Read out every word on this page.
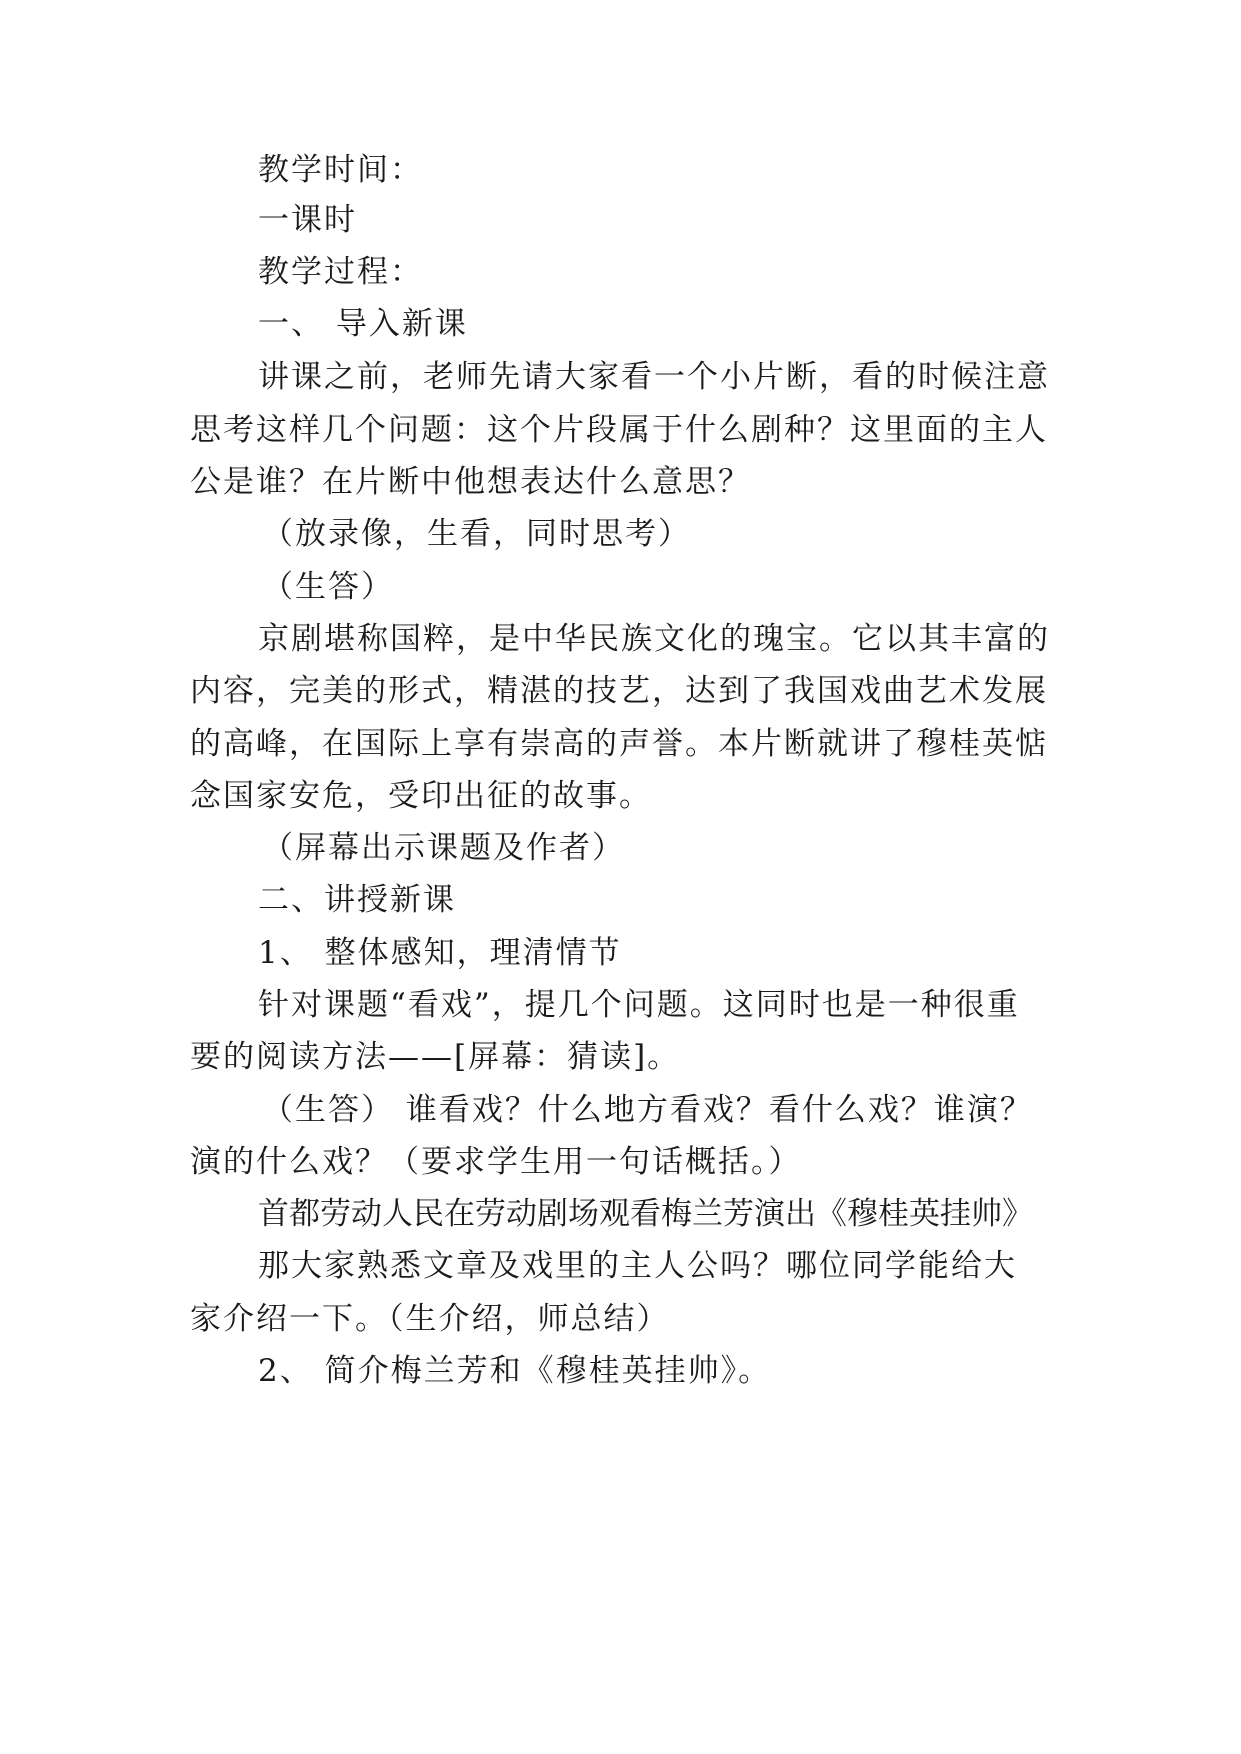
教学时间：
一课时
教学过程：
一、 导入新课
讲课之前，老师先请大家看一个小片断，看的时候注意
思考这样几个问题：这个片段属于什么剧种？这里面的主人
公是谁？在片断中他想表达什么意思？
（放录像，生看，同时思考）
（生答）
京剧堪称国粹，是中华民族文化的瑰宝。它以其丰富的
内容，完美的形式，精湛的技艺，达到了我国戏曲艺术发展
的高峰，在国际上享有崇高的声誉。本片断就讲了穆桂英惦
念国家安危，受印出征的故事。
（屏幕出示课题及作者）
二、讲授新课
1、 整体感知，理清情节
针对课题“看戏”，提几个问题。这同时也是一种很重
要的阅读方法——[屏幕：猜读]。
（生答） 谁看戏？什么地方看戏？看什么戏？谁演？
演的什么戏？（要求学生用一句话概括。）
首都劳动人民在劳动剧场观看梅兰芳演出《穆桂英挂帅》
那大家熟悉文章及戏里的主人公吗？哪位同学能给大
家介绍一下。（生介绍，师总结）
2、 简介梅兰芳和《穆桂英挂帅》。
